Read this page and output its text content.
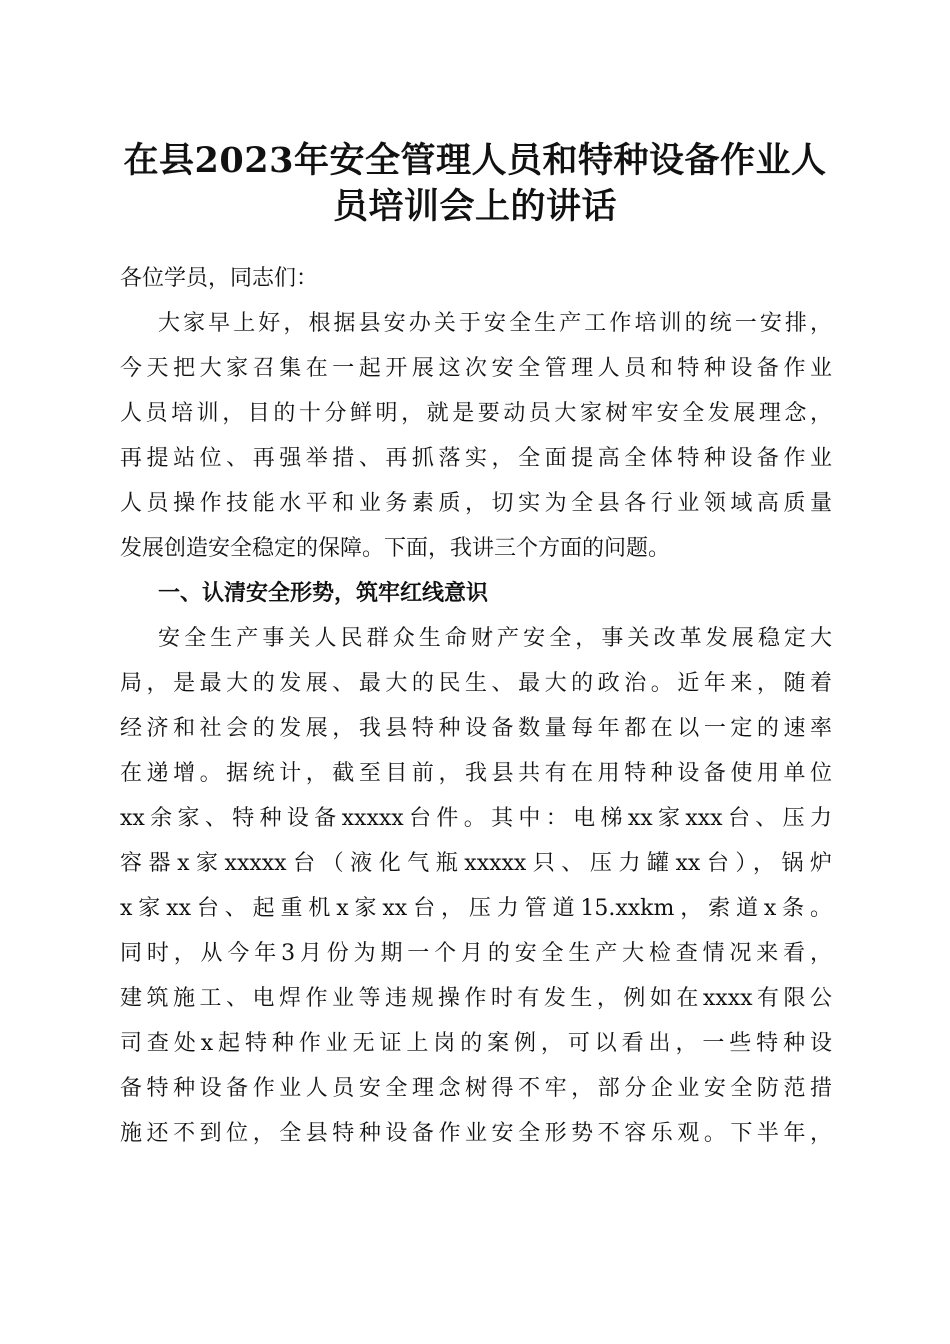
在县2023年安全管理人员和特种设备作业人
员培训会上的讲话

各位学员，同志们：

大家早上好，根据县安办关于安全生产工作培训的统一安排，
今天把大家召集在一起开展这次安全管理人员和特种设备作业
人员培训，目的十分鲜明，就是要动员大家树牢安全发展理念，
再提站位、再强举措、再抓落实，全面提高全体特种设备作业
人员操作技能水平和业务素质，切实为全县各行业领域高质量
发展创造安全稳定的保障。下面，我讲三个方面的问题。

一、认清安全形势，筑牢红线意识

安全生产事关人民群众生命财产安全，事关改革发展稳定大
局，是最大的发展、最大的民生、最大的政治。近年来，随着
经济和社会的发展，我县特种设备数量每年都在以一定的速率
在递增。据统计，截至目前，我县共有在用特种设备使用单位
xx余家、特种设备xxxxx台件。其中：电梯xx家xxx台、压力
容器x家xxxxx台（液化气瓶xxxxx只、压力罐xx台），锅炉
x家xx台、起重机x家xx台，压力管道15.xxkm，索道x条。
同时，从今年3月份为期一个月的安全生产大检查情况来看，
建筑施工、电焊作业等违规操作时有发生，例如在xxxx有限公
司查处x起特种作业无证上岗的案例，可以看出，一些特种设
备特种设备作业人员安全理念树得不牢，部分企业安全防范措
施还不到位，全县特种设备作业安全形势不容乐观。下半年，
